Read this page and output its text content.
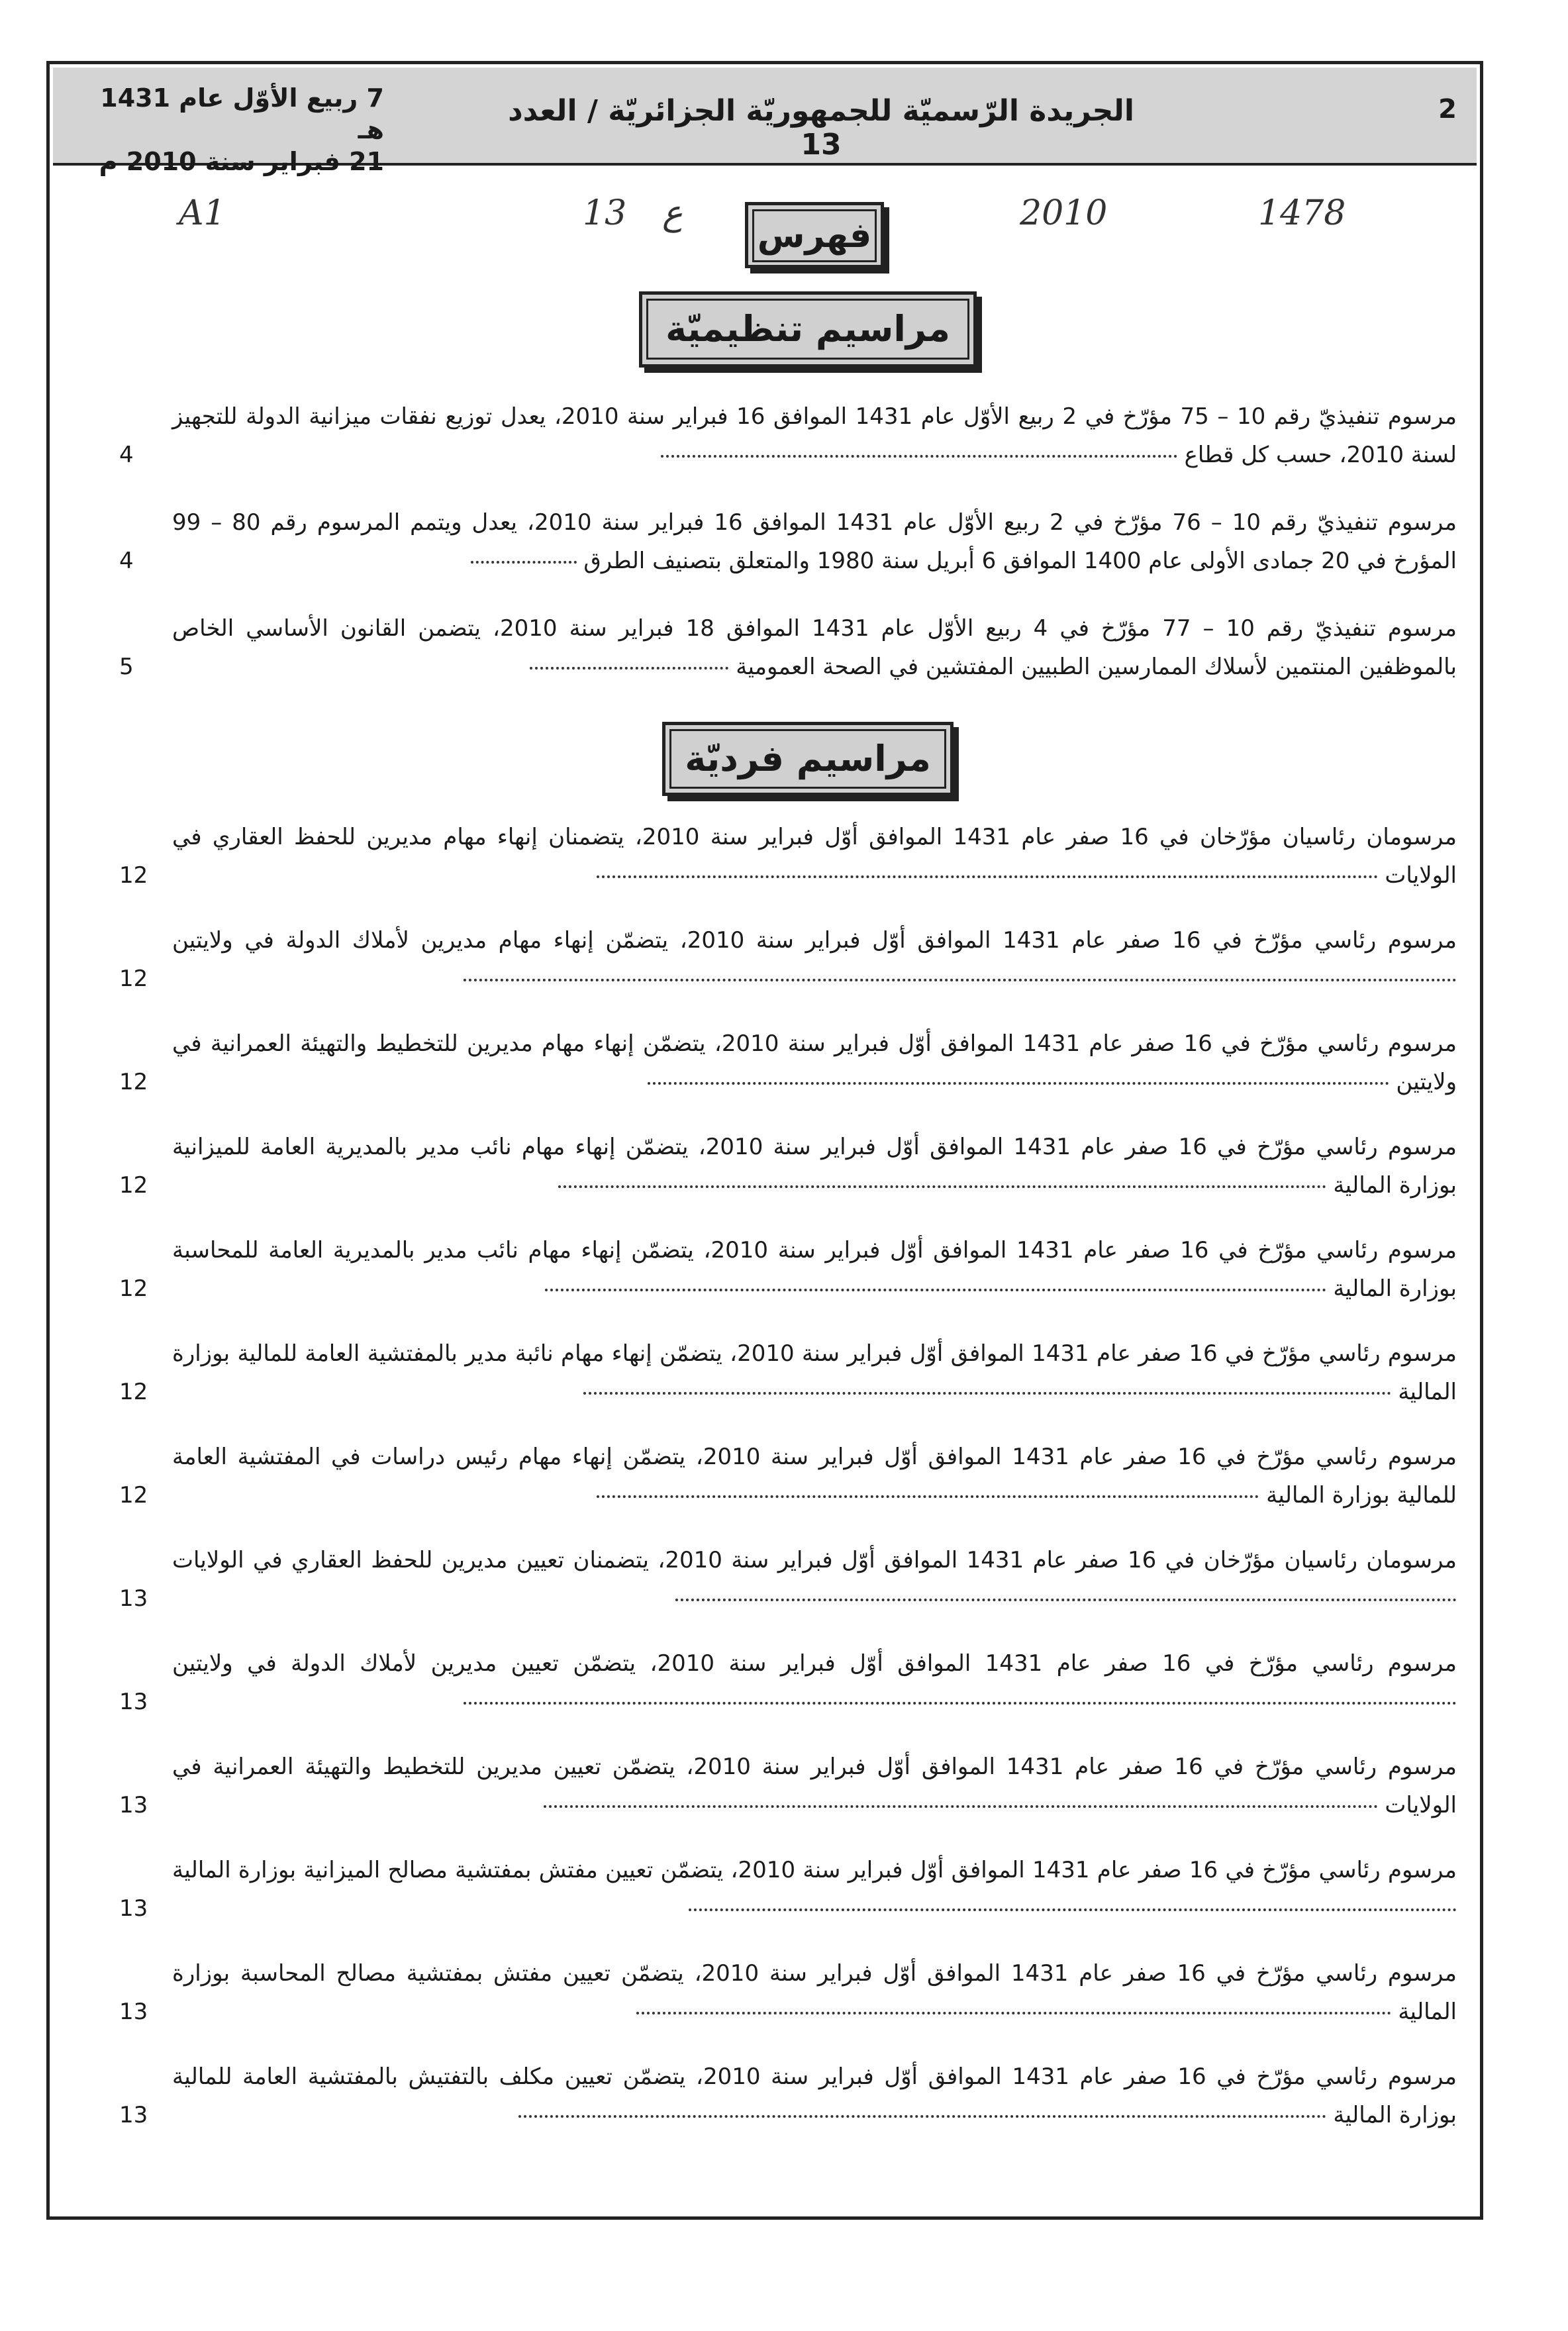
2
الجريدة الرّسميّة للجمهوريّة الجزائريّة / العدد 13
7 ربيع الأوّل عام 1431 هـ
21 فبراير سنة 2010 م
A1	13 ع	2010	1478
فهرس
مراسيم تنظيميّة
مرسوم تنفيذيّ رقم 10 – 75 مؤرّخ في 2 ربيع الأوّل عام 1431 الموافق 16 فبراير سنة 2010، يعدل توزيع نفقات ميزانية الدولة للتجهيز لسنة 2010، حسب كل قطاع
4
مرسوم تنفيذيّ رقم 10 – 76 مؤرّخ في 2 ربيع الأوّل عام 1431 الموافق 16 فبراير سنة 2010، يعدل ويتمم المرسوم رقم 80 – 99 المؤرخ في 20 جمادى الأولى عام 1400 الموافق 6 أبريل سنة 1980 والمتعلق بتصنيف الطرق
4
مرسوم تنفيذيّ رقم 10 – 77 مؤرّخ في 4 ربيع الأوّل عام 1431 الموافق 18 فبراير سنة 2010، يتضمن القانون الأساسي الخاص بالموظفين المنتمين لأسلاك الممارسين الطبيين المفتشين في الصحة العمومية
5
مراسيم فرديّة
مرسومان رئاسيان مؤرّخان في 16 صفر عام 1431 الموافق أوّل فبراير سنة 2010، يتضمنان إنهاء مهام مديرين للحفظ العقاري في الولايات
12
مرسوم رئاسي مؤرّخ في 16 صفر عام 1431 الموافق أوّل فبراير سنة 2010، يتضمّن إنهاء مهام مديرين لأملاك الدولة في ولايتين
12
مرسوم رئاسي مؤرّخ في 16 صفر عام 1431 الموافق أوّل فبراير سنة 2010، يتضمّن إنهاء مهام مديرين للتخطيط والتهيئة العمرانية في ولايتين
12
مرسوم رئاسي مؤرّخ في 16 صفر عام 1431 الموافق أوّل فبراير سنة 2010، يتضمّن إنهاء مهام نائب مدير بالمديرية العامة للميزانية بوزارة المالية
12
مرسوم رئاسي مؤرّخ في 16 صفر عام 1431 الموافق أوّل فبراير سنة 2010، يتضمّن إنهاء مهام نائب مدير بالمديرية العامة للمحاسبة بوزارة المالية
12
مرسوم رئاسي مؤرّخ في 16 صفر عام 1431 الموافق أوّل فبراير سنة 2010، يتضمّن إنهاء مهام نائبة مدير بالمفتشية العامة للمالية بوزارة المالية
12
مرسوم رئاسي مؤرّخ في 16 صفر عام 1431 الموافق أوّل فبراير سنة 2010، يتضمّن إنهاء مهام رئيس دراسات في المفتشية العامة للمالية بوزارة المالية
12
مرسومان رئاسيان مؤرّخان في 16 صفر عام 1431 الموافق أوّل فبراير سنة 2010، يتضمنان تعيين مديرين للحفظ العقاري في الولايات
13
مرسوم رئاسي مؤرّخ في 16 صفر عام 1431 الموافق أوّل فبراير سنة 2010، يتضمّن تعيين مديرين لأملاك الدولة في ولايتين
13
مرسوم رئاسي مؤرّخ في 16 صفر عام 1431 الموافق أوّل فبراير سنة 2010، يتضمّن تعيين مديرين للتخطيط والتهيئة العمرانية في الولايات
13
مرسوم رئاسي مؤرّخ في 16 صفر عام 1431 الموافق أوّل فبراير سنة 2010، يتضمّن تعيين مفتش بمفتشية مصالح الميزانية بوزارة المالية
13
مرسوم رئاسي مؤرّخ في 16 صفر عام 1431 الموافق أوّل فبراير سنة 2010، يتضمّن تعيين مفتش بمفتشية مصالح المحاسبة بوزارة المالية
13
مرسوم رئاسي مؤرّخ في 16 صفر عام 1431 الموافق أوّل فبراير سنة 2010، يتضمّن تعيين مكلف بالتفتيش بالمفتشية العامة للمالية بوزارة المالية
13
